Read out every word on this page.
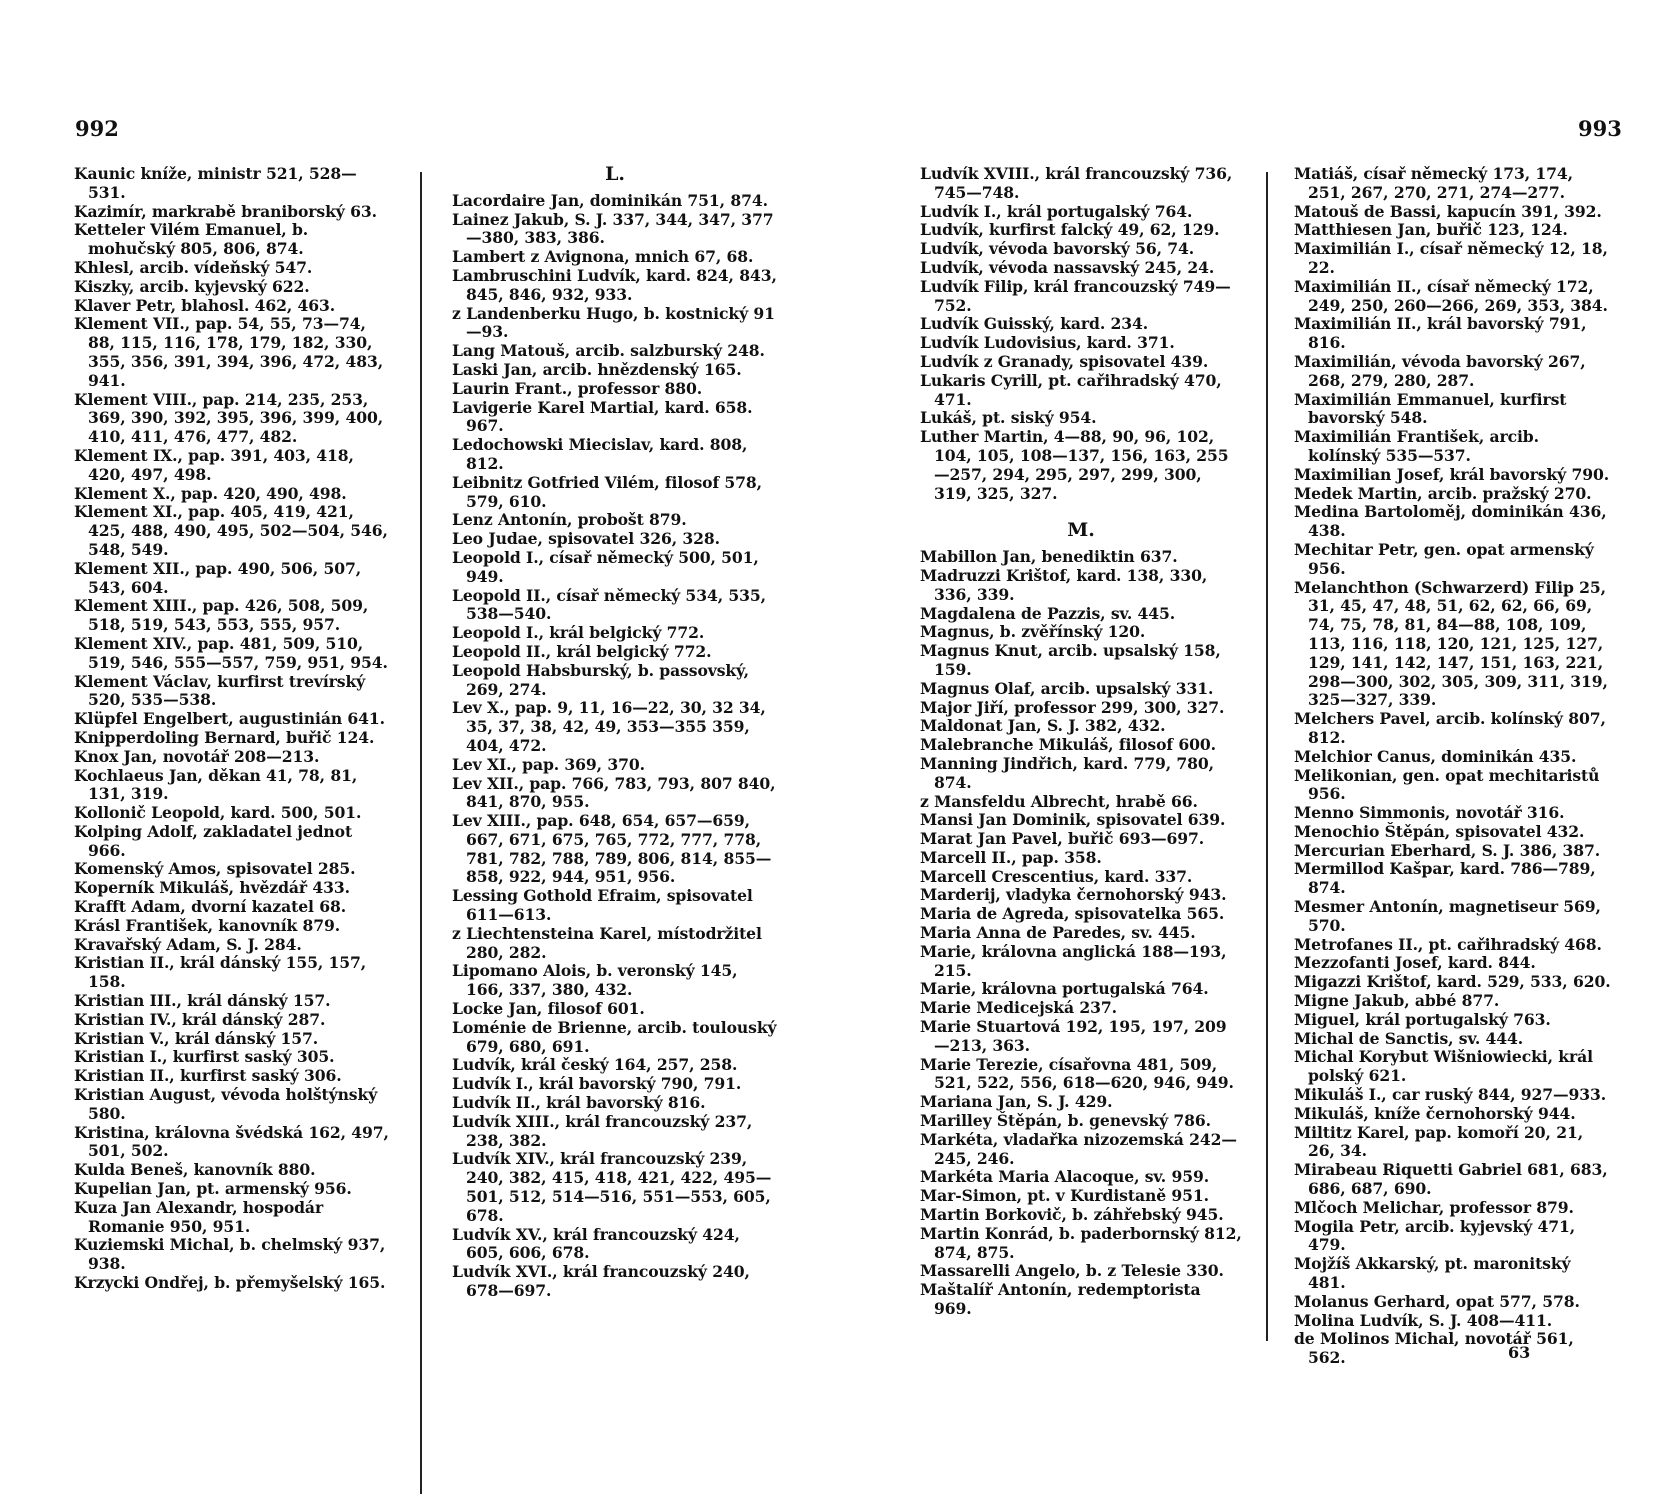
992	993

Kaunic kníže, ministr 521, 528—531.

Kazimír, markrabě braniborský 63.

Ketteler Vilém Emanuel, b. mohučský 805, 806, 874.

Khlesl, arcib. vídeňský 547.

Kiszky, arcib. kyjevský 622.

Klaver Petr, blahosl. 462, 463.

Klement VII., pap. 54, 55, 73—74, 88, 115, 116, 178, 179, 182, 330, 355, 356, 391, 394, 396, 472, 483, 941.

Klement VIII., pap. 214, 235, 253, 369, 390, 392, 395, 396, 399, 400, 410, 411, 476, 477, 482.

Klement IX., pap. 391, 403, 418, 420, 497, 498.

Klement X., pap. 420, 490, 498.

Klement XI., pap. 405, 419, 421, 425, 488, 490, 495, 502—504, 546, 548, 549.

Klement XII., pap. 490, 506, 507, 543, 604.

Klement XIII., pap. 426, 508, 509, 518, 519, 543, 553, 555, 957.

Klement XIV., pap. 481, 509, 510, 519, 546, 555—557, 759, 951, 954.

Klement Václav, kurfirst trevírský 520, 535—538.

Klüpfel Engelbert, augustinián 641.

Knipperdoling Bernard, buřič 124.

Knox Jan, novotář 208—213.

Kochlaeus Jan, děkan 41, 78, 81, 131, 319.

Kollonič Leopold, kard. 500, 501.

Kolping Adolf, zakladatel jednot 966.

Komenský Amos, spisovatel 285.

Koperník Mikuláš, hvězdář 433.

Krafft Adam, dvorní kazatel 68.

Krásl František, kanovník 879.

Kravařský Adam, S. J. 284.

Kristian II., král dánský 155, 157, 158.

Kristian III., král dánský 157.

Kristian IV., král dánský 287.

Kristian V., král dánský 157.

Kristian I., kurfirst saský 305.

Kristian II., kurfirst saský 306.

Kristian August, vévoda holštýnský 580.

Kristina, královna švédská 162, 497, 501, 502.

Kulda Beneš, kanovník 880.

Kupelian Jan, pt. armenský 956.

Kuza Jan Alexandr, hospodár Romanie 950, 951.

Kuziemski Michal, b. chelmský 937, 938.

Krzycki Ondřej, b. přemyšelský 165.

L.

Lacordaire Jan, dominikán 751, 874.

Lainez Jakub, S. J. 337, 344, 347, 377—380, 383, 386.

Lambert z Avignona, mnich 67, 68.

Lambruschini Ludvík, kard. 824, 843, 845, 846, 932, 933.

z Landenberku Hugo, b. kostnický 91—93.

Lang Matouš, arcib. salzburský 248.

Laski Jan, arcib. hnězdenský 165.

Laurin Frant., professor 880.

Lavigerie Karel Martial, kard. 658. 967.

Ledochowski Miecislav, kard. 808, 812.

Leibnitz Gotfried Vilém, filosof 578, 579, 610.

Lenz Antonín, probošt 879.

Leo Judae, spisovatel 326, 328.

Leopold I., císař německý 500, 501, 949.

Leopold II., císař německý 534, 535, 538—540.

Leopold I., král belgický 772.

Leopold II., král belgický 772.

Leopold Habsburský, b. passovský, 269, 274.

Lev X., pap. 9, 11, 16—22, 30, 32 34, 35, 37, 38, 42, 49, 353—355 359, 404, 472.

Lev XI., pap. 369, 370.

Lev XII., pap. 766, 783, 793, 807 840, 841, 870, 955.

Lev XIII., pap. 648, 654, 657—659, 667, 671, 675, 765, 772, 777, 778, 781, 782, 788, 789, 806, 814, 855—858, 922, 944, 951, 956.

Lessing Gothold Efraim, spisovatel 611—613.

z Liechtensteina Karel, místodržitel 280, 282.

Lipomano Alois, b. veronský 145, 166, 337, 380, 432.

Locke Jan, filosof 601.

Loménie de Brienne, arcib. toulouský 679, 680, 691.

Ludvík, král český 164, 257, 258.

Ludvík I., král bavorský 790, 791.

Ludvík II., král bavorský 816.

Ludvík XIII., král francouzský 237, 238, 382.

Ludvík XIV., král francouzský 239, 240, 382, 415, 418, 421, 422, 495—501, 512, 514—516, 551—553, 605, 678.

Ludvík XV., král francouzský 424, 605, 606, 678.

Ludvík XVI., král francouzský 240, 678—697.

Ludvík XVIII., král francouzský 736, 745—748.

Ludvík I., král portugalský 764.

Ludvík, kurfirst falcký 49, 62, 129.

Ludvík, vévoda bavorský 56, 74.

Ludvík, vévoda nassavský 245, 24.

Ludvík Filip, král francouzský 749—752.

Ludvík Guisský, kard. 234.

Ludvík Ludovisius, kard. 371.

Ludvík z Granady, spisovatel 439.

Lukaris Cyrill, pt. cařihradský 470, 471.

Lukáš, pt. siský 954.

Luther Martin, 4—88, 90, 96, 102, 104, 105, 108—137, 156, 163, 255—257, 294, 295, 297, 299, 300, 319, 325, 327.

M.

Mabillon Jan, benediktin 637.

Madruzzi Krištof, kard. 138, 330, 336, 339.

Magdalena de Pazzis, sv. 445.

Magnus, b. zvěřínský 120.

Magnus Knut, arcib. upsalský 158, 159.

Magnus Olaf, arcib. upsalský 331.

Major Jiří, professor 299, 300, 327.

Maldonat Jan, S. J. 382, 432.

Malebranche Mikuláš, filosof 600.

Manning Jindřich, kard. 779, 780, 874.

z Mansfeldu Albrecht, hrabě 66.

Mansi Jan Dominik, spisovatel 639.

Marat Jan Pavel, buřič 693—697.

Marcell II., pap. 358.

Marcell Crescentius, kard. 337.

Marderij, vladyka černohorský 943.

Maria de Agreda, spisovatelka 565.

Maria Anna de Paredes, sv. 445.

Marie, královna anglická 188—193, 215.

Marie, královna portugalská 764.

Marie Medicejská 237.

Marie Stuartová 192, 195, 197, 209—213, 363.

Marie Terezie, císařovna 481, 509, 521, 522, 556, 618—620, 946, 949.

Mariana Jan, S. J. 429.

Marilley Štěpán, b. genevský 786.

Markéta, vladařka nizozemská 242—245, 246.

Markéta Maria Alacoque, sv. 959.

Mar-Simon, pt. v Kurdistaně 951.

Martin Borkovič, b. záhřebský 945.

Martin Konrád, b. paderbornský 812, 874, 875.

Massarelli Angelo, b. z Telesie 330.

Maštalíř Antonín, redemptorista 969.

Matiáš, císař německý 173, 174, 251, 267, 270, 271, 274—277.

Matouš de Bassi, kapucín 391, 392.

Matthiesen Jan, buřič 123, 124.

Maximilián I., císař německý 12, 18, 22.

Maximilián II., císař německý 172, 249, 250, 260—266, 269, 353, 384.

Maximilián II., král bavorský 791, 816.

Maximilián, vévoda bavorský 267, 268, 279, 280, 287.

Maximilián Emmanuel, kurfirst bavorský 548.

Maximilián František, arcib. kolínský 535—537.

Maximilian Josef, král bavorský 790.

Medek Martin, arcib. pražský 270.

Medina Bartoloměj, dominikán 436, 438.

Mechitar Petr, gen. opat armenský 956.

Melanchthon (Schwarzerd) Filip 25, 31, 45, 47, 48, 51, 62, 62, 66, 69, 74, 75, 78, 81, 84—88, 108, 109, 113, 116, 118, 120, 121, 125, 127, 129, 141, 142, 147, 151, 163, 221, 298—300, 302, 305, 309, 311, 319, 325—327, 339.

Melchers Pavel, arcib. kolínský 807, 812.

Melchior Canus, dominikán 435.

Melikonian, gen. opat mechitaristů 956.

Menno Simmonis, novotář 316.

Menochio Štěpán, spisovatel 432.

Mercurian Eberhard, S. J. 386, 387.

Mermillod Kašpar, kard. 786—789, 874.

Mesmer Antonín, magnetiseur 569, 570.

Metrofanes II., pt. cařihradský 468.

Mezzofanti Josef, kard. 844.

Migazzi Krištof, kard. 529, 533, 620.

Migne Jakub, abbé 877.

Miguel, král portugalský 763.

Michal de Sanctis, sv. 444.

Michal Korybut Wišniowiecki, král polský 621.

Mikuláš I., car ruský 844, 927—933.

Mikuláš, kníže černohorský 944.

Miltitz Karel, pap. komoří 20, 21, 26, 34.

Mirabeau Riquetti Gabriel 681, 683, 686, 687, 690.

Mlčoch Melichar, professor 879.

Mogila Petr, arcib. kyjevský 471, 479.

Mojžíš Akkarský, pt. maronitský 481.

Molanus Gerhard, opat 577, 578.

Molina Ludvík, S. J. 408—411.

de Molinos Michal, novotář 561, 562.	63
